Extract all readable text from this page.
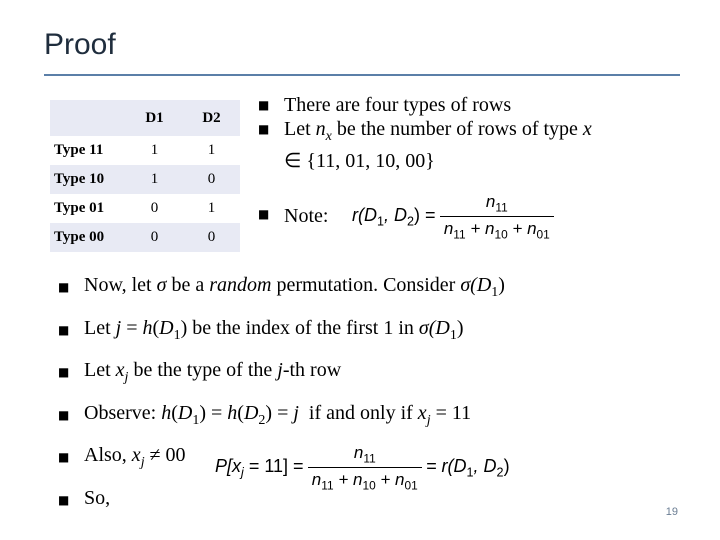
Proof
	D1	D2
Type 11	1	1
Type 10	1	0
Type 01	0	1
Type 00	0	0
■ There are four types of rows
■ Let $n_x$ be the number of rows of type x
∈ {11, 01, 10, 00}
■ Note: $r(D_1$, $D_2) = \frac{n_{11}}{n_{11} + n_{10} + n_{01}}$
■ Now, let σ be a random permutation. Consider $\sigma(D_1)$
■ Let $j = h(D_1)$ be the index of the first 1 in $\sigma(D_1)$
■ Let $x_j$ be the type of the j-th row
■ Observe: $h(D_1) = h(D_2) = j$  if and only if $x_j = 11$
■ Also, $x_j \ne 00$
■ So,
$P[x_j = 11] = \frac{n_{11}}{n_{11} + n_{10} + n_{01}} = r(D_1$, $D_2$)
19
